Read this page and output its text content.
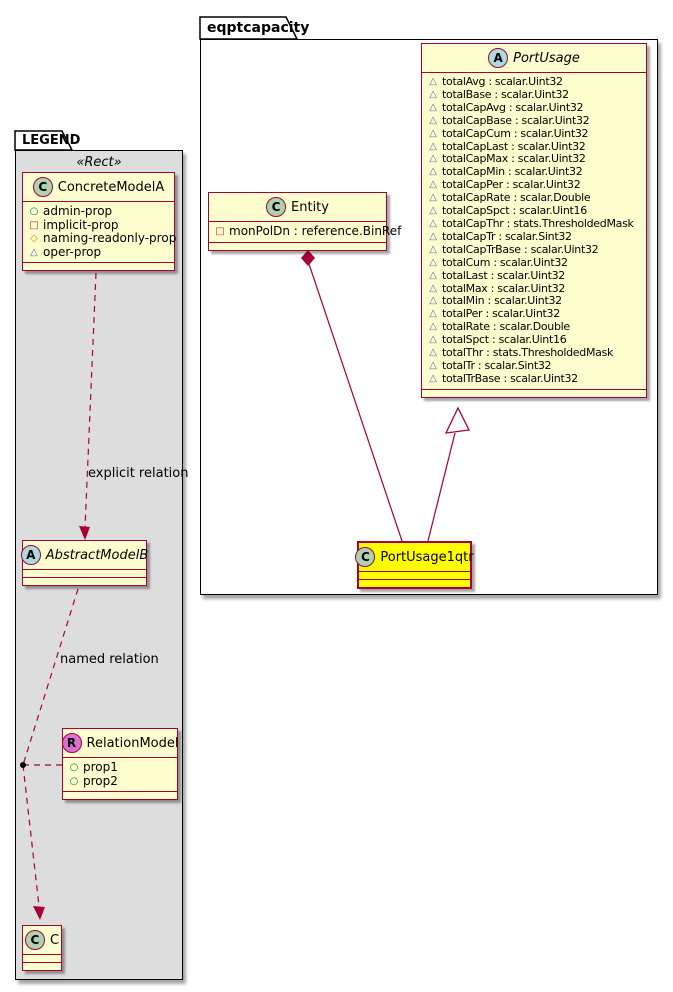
eqptcapacity
LEGEND
«Rect»
A PortUsage
△ totalAvg : scalar.Uint32
△ totalBase : scalar.Uint32
△ totalCapAvg : scalar.Uint32
△ totalCapBase : scalar.Uint32
△ totalCapCum : scalar.Uint32
△ totalCapLast : scalar.Uint32
△ totalCapMax : scalar.Uint32
△ totalCapMin : scalar.Uint32
△ totalCapPer : scalar.Uint32
△ totalCapRate : scalar.Double
△ totalCapSpct : scalar.Uint16
△ totalCapThr : stats.ThresholdedMask
△ totalCapTr : scalar.Sint32
△ totalCapTrBase : scalar.Uint32
△ totalCum : scalar.Uint32
△ totalLast : scalar.Uint32
△ totalMax : scalar.Uint32
△ totalMin : scalar.Uint32
△ totalPer : scalar.Uint32
△ totalRate : scalar.Double
△ totalSpct : scalar.Uint16
△ totalThr : stats.ThresholdedMask
△ totalTr : scalar.Sint32
△ totalTrBase : scalar.Uint32
C Entity
□ monPolDn : reference.BinRef
C PortUsage1qtr
C ConcreteModelA
○ admin-prop
□ implicit-prop
◇ naming-readonly-prop
△ oper-prop
A AbstractModelB
R RelationModel
○ prop1
○ prop2
C C
explicit relation
named relation
